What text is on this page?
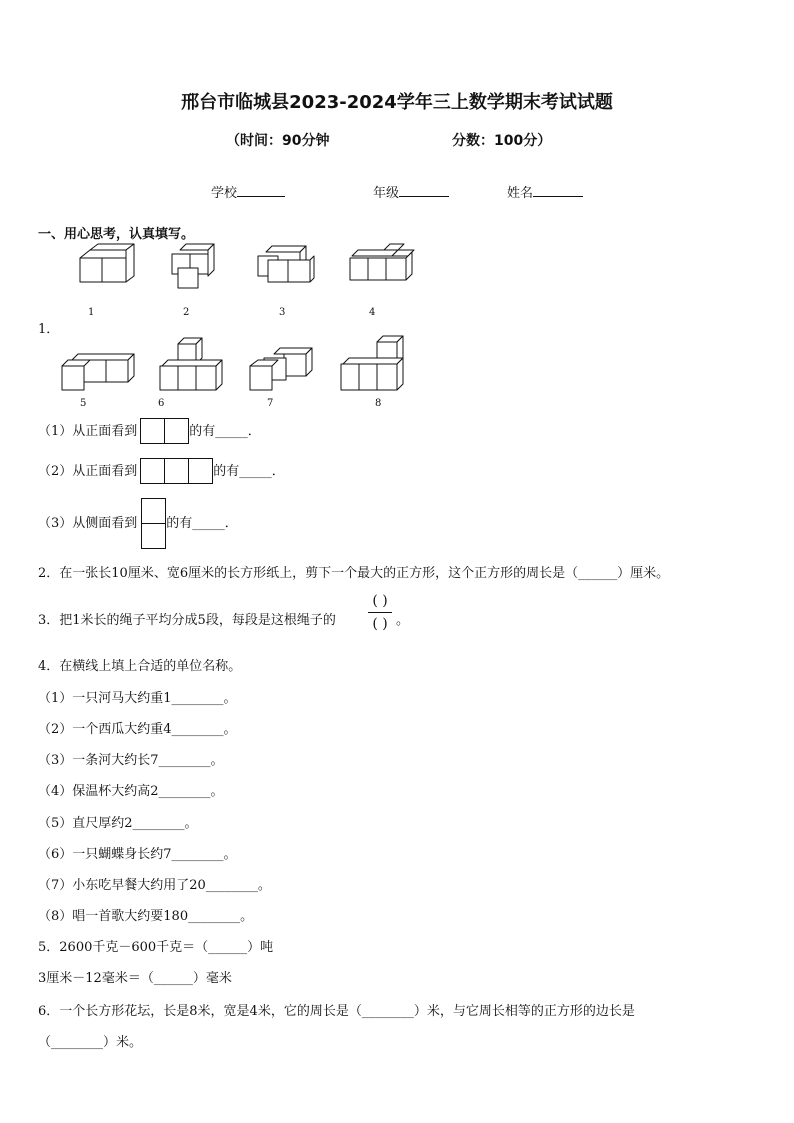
邢台市临城县2023-2024学年三上数学期末考试试题
（时间：90分钟	分数：100分）
学校	年级	姓名
一、用心思考，认真填写。
1	2	3	4
1．
5	6	7	8
（1）从正面看到	的有_____．
（2）从正面看到	的有_____．
（3）从侧面看到 的有_____．
2．在一张长10厘米、宽6厘米的长方形纸上，剪下一个最大的正方形，这个正方形的周长是（______）厘米。
3．把1米长的绳子平均分成5段，每段是这根绳子的
( )
( ) 。
4．在横线上填上合适的单位名称。
（1）一只河马大约重1________。
（2）一个西瓜大约重4________。
（3）一条河大约长7________。
（4）保温杯大约高2________。
（5）直尺厚约2________。
（6）一只蝴蝶身长约7________。
（7）小东吃早餐大约用了20________。
（8）唱一首歌大约要180________。
5．2600千克－600千克＝（______）吨
3厘米－12毫米＝（______）毫米
6．一个长方形花坛，长是8米，宽是4米，它的周长是（________）米，与它周长相等的正方形的边长是
（________）米。
